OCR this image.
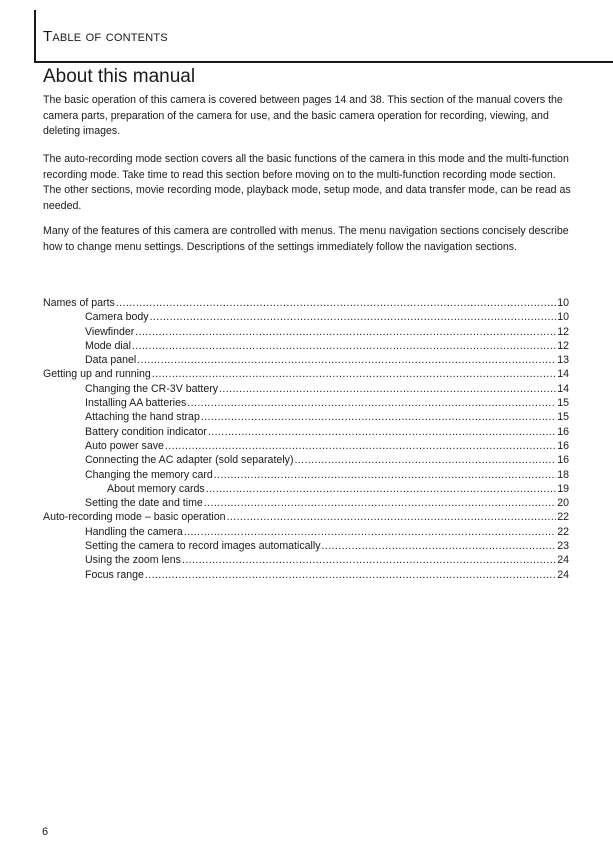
Table of contents
About this manual

The basic operation of this camera is covered between pages 14 and 38. This section of the manual covers the camera parts, preparation of the camera for use, and the basic camera operation for recording, viewing, and deleting images.

The auto-recording mode section covers all the basic functions of the camera in this mode and the multi-function recording mode. Take time to read this section before moving on to the multi-function recording mode section. The other sections, movie recording mode, playback mode, setup mode, and data transfer mode, can be read as needed.

Many of the features of this camera are controlled with menus. The menu navigation sections concisely describe how to change menu settings. Descriptions of the settings immediately follow the navigation sections.

Names of parts .....	10
Camera body .....	10
Viewfinder .....	12
Mode dial .....	12
Data panel .....	13
Getting up and running .....	14
Changing the CR-3V battery .....	14
Installing AA batteries .....	15
Attaching the hand strap .....	15
Battery condition indicator .....	16
Auto power save .....	16
Connecting the AC adapter (sold separately) .....	16
Changing the memory card .....	18
About memory cards .....	19
Setting the date and time .....	20
Auto-recording mode – basic operation .....	22
Handling the camera .....	22
Setting the camera to record images automatically .....	23
Using the zoom lens .....	24
Focus range .....	24
6
